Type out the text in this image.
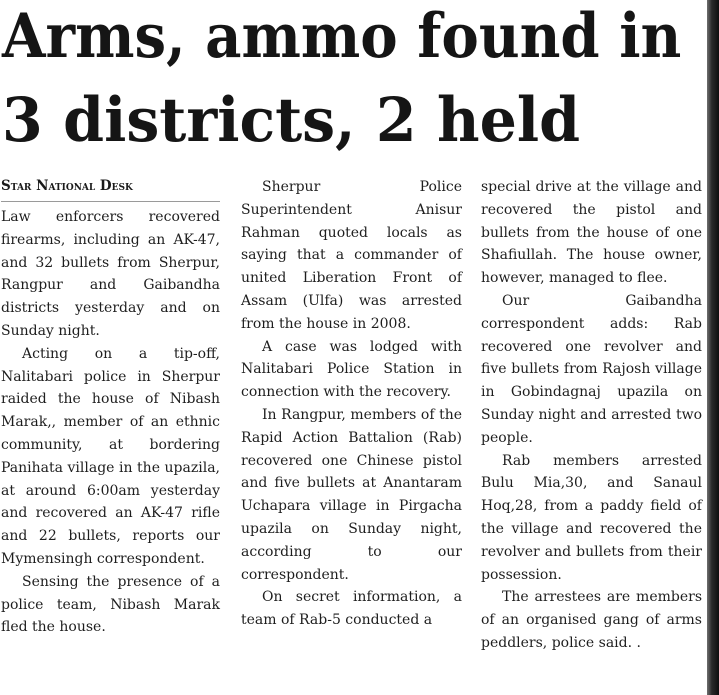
Arms, ammo found in
3 districts, 2 held
Star National Desk

Law enforcers recovered firearms, including an AK-47, and 32 bullets from Sherpur, Rangpur and Gaibandha districts yesterday and on Sunday night.

Acting on a tip-off, Nalitabari police in Sherpur raided the house of Nibash Marak,, member of an ethnic community, at bordering Panihata village in the upazila, at around 6:00am yesterday and recovered an AK-47 rifle and 22 bullets, reports our Mymensingh correspondent.

Sensing the presence of a police team, Nibash Marak fled the house.

Sherpur Police Superintendent Anisur Rahman quoted locals as saying that a commander of united Liberation Front of Assam (Ulfa) was arrested from the house in 2008.

A case was lodged with Nalitabari Police Station in connection with the recovery.

In Rangpur, members of the Rapid Action Battalion (Rab) recovered one Chinese pistol and five bullets at Anantaram Uchapara village in Pirgacha upazila on Sunday night, according to our correspondent.

On secret information, a team of Rab-5 conducted a

special drive at the village and recovered the pistol and bullets from the house of one Shafiullah. The house owner, however, managed to flee.

Our Gaibandha correspondent adds: Rab recovered one revolver and five bullets from Rajosh village in Gobindagnaj upazila on Sunday night and arrested two people.

Rab members arrested Bulu Mia,30, and Sanaul Hoq,28, from a paddy field of the village and recovered the revolver and bullets from their possession.

The arrestees are members of an organised gang of arms peddlers, police said. .
